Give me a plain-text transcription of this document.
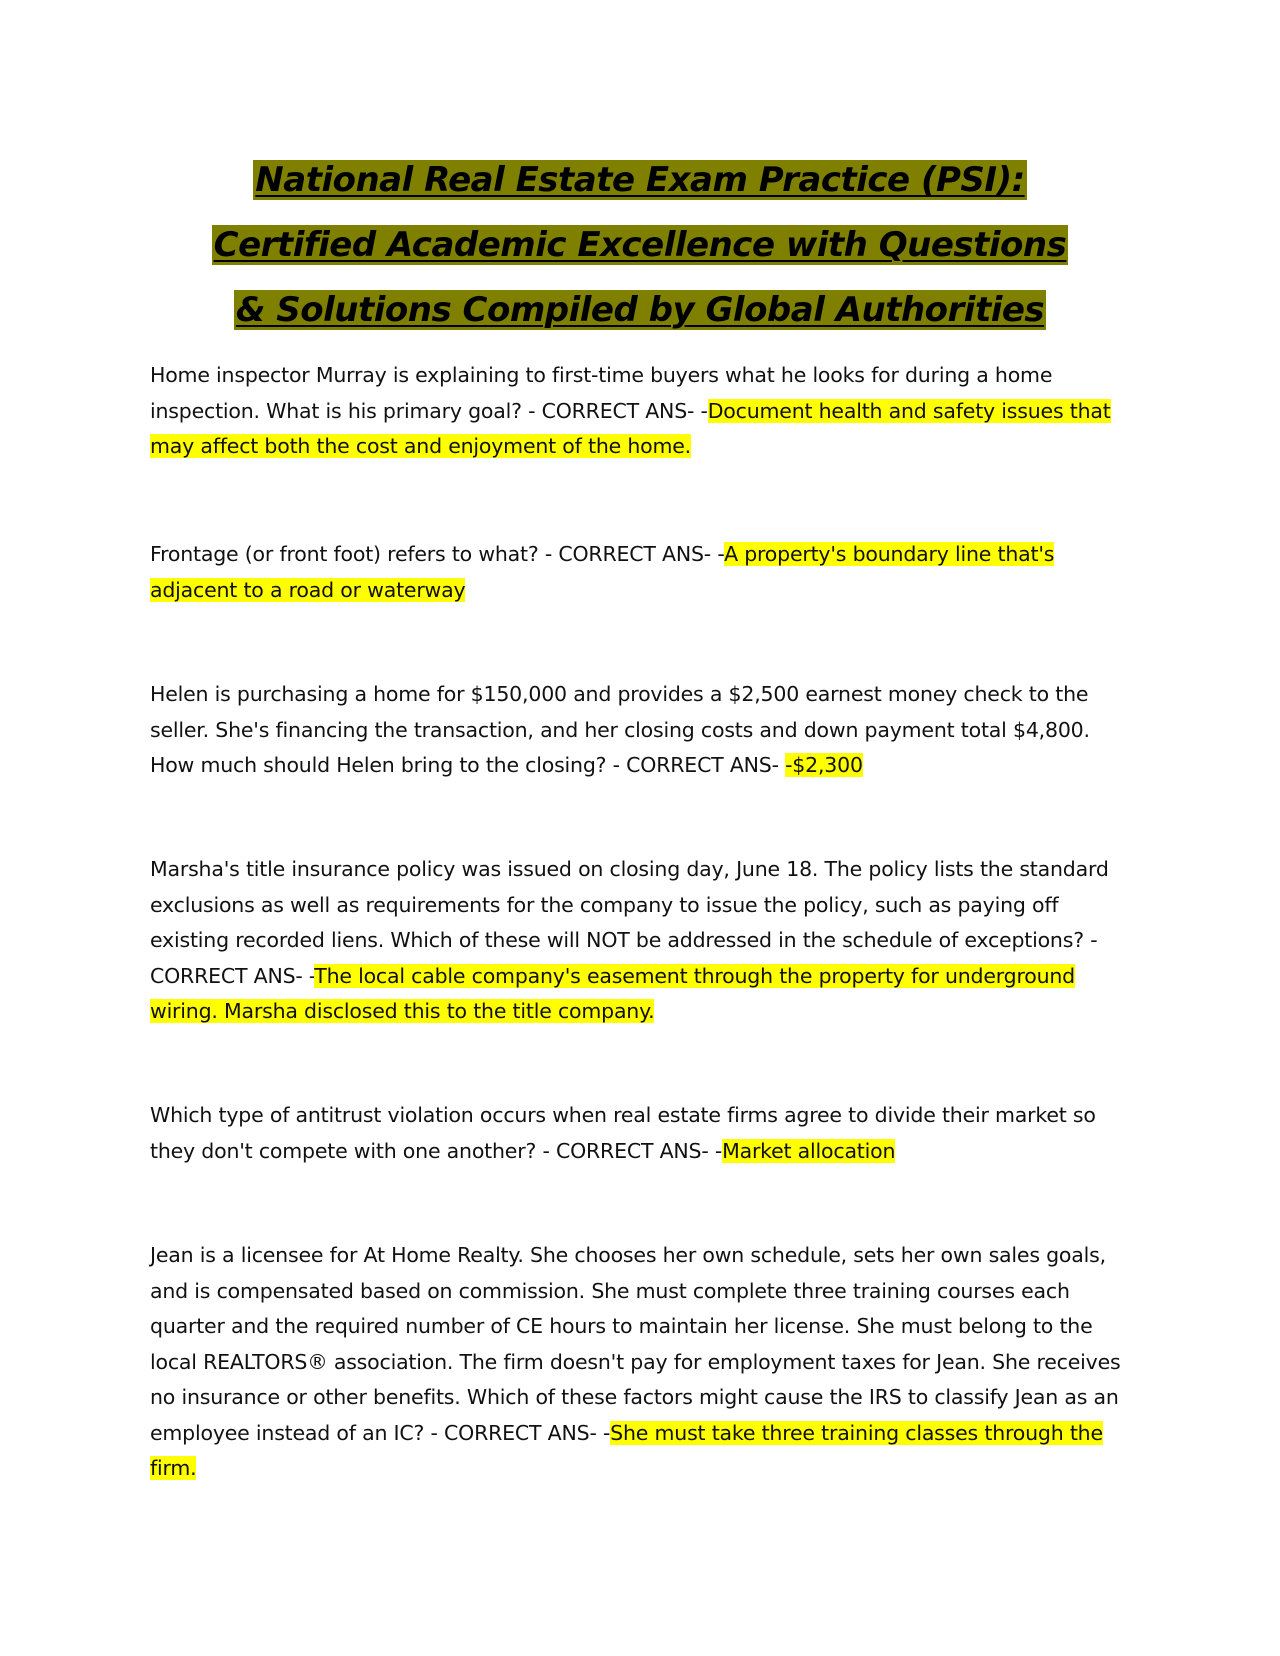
National Real Estate Exam Practice (PSI):
Certified Academic Excellence with Questions
& Solutions Compiled by Global Authorities

Home inspector Murray is explaining to first-time buyers what he looks for during a home inspection. What is his primary goal? - CORRECT ANS- -Document health and safety issues that may affect both the cost and enjoyment of the home.

Frontage (or front foot) refers to what? - CORRECT ANS- -A property's boundary line that's adjacent to a road or waterway

Helen is purchasing a home for $150,000 and provides a $2,500 earnest money check to the seller. She's financing the transaction, and her closing costs and down payment total $4,800. How much should Helen bring to the closing? - CORRECT ANS- -$2,300

Marsha's title insurance policy was issued on closing day, June 18. The policy lists the standard exclusions as well as requirements for the company to issue the policy, such as paying off existing recorded liens. Which of these will NOT be addressed in the schedule of exceptions? - CORRECT ANS- -The local cable company's easement through the property for underground wiring. Marsha disclosed this to the title company.

Which type of antitrust violation occurs when real estate firms agree to divide their market so they don't compete with one another? - CORRECT ANS- -Market allocation

Jean is a licensee for At Home Realty. She chooses her own schedule, sets her own sales goals, and is compensated based on commission. She must complete three training courses each quarter and the required number of CE hours to maintain her license. She must belong to the local REALTORS® association. The firm doesn't pay for employment taxes for Jean. She receives no insurance or other benefits. Which of these factors might cause the IRS to classify Jean as an employee instead of an IC? - CORRECT ANS- -She must take three training classes through the firm.
